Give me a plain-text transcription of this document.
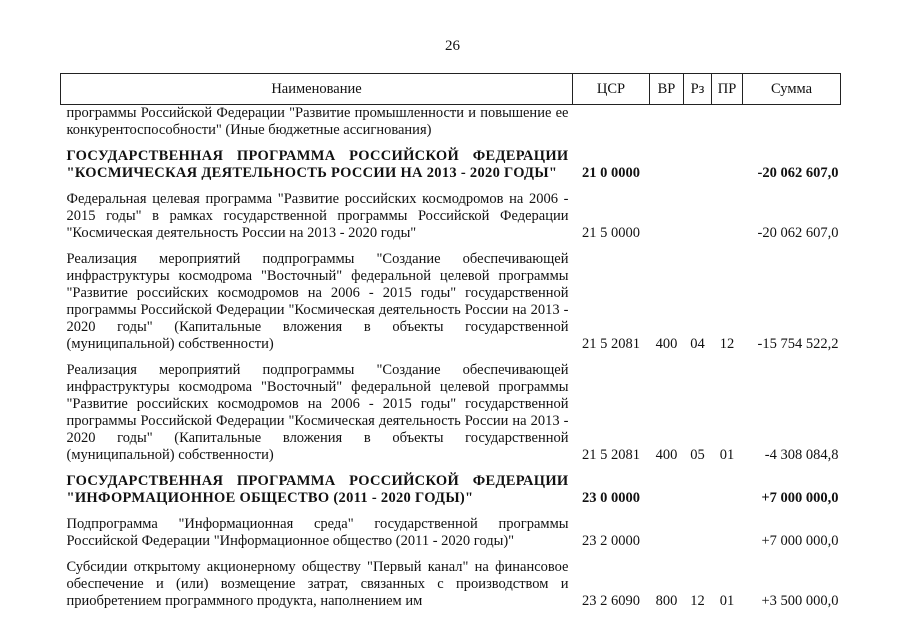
26
Наименование	ЦСР	ВР	Рз	ПР	Сумма
программы Российской Федерации "Развитие промышленности и повышение ее конкурентоспособности" (Иные бюджетные ассигнования)					
ГОСУДАРСТВЕННАЯ ПРОГРАММА РОССИЙСКОЙ ФЕДЕРАЦИИ "КОСМИЧЕСКАЯ ДЕЯТЕЛЬНОСТЬ РОССИИ НА 2013 - 2020 ГОДЫ"	21 0 0000				-20 062 607,0
Федеральная целевая программа "Развитие российских космодромов на 2006 - 2015 годы" в рамках государственной программы Российской Федерации "Космическая деятельность России на 2013 - 2020 годы"	21 5 0000				-20 062 607,0
Реализация мероприятий подпрограммы "Создание обеспечивающей инфраструктуры космодрома "Восточный" федеральной целевой программы "Развитие российских космодромов на 2006 - 2015 годы" государственной программы Российской Федерации "Космическая деятельность России на 2013 - 2020 годы" (Капитальные вложения в объекты государственной (муниципальной) собственности)	21 5 2081	400	04	12	-15 754 522,2
Реализация мероприятий подпрограммы "Создание обеспечивающей инфраструктуры космодрома "Восточный" федеральной целевой программы "Развитие российских космодромов на 2006 - 2015 годы" государственной программы Российской Федерации "Космическая деятельность России на 2013 - 2020 годы" (Капитальные вложения в объекты государственной (муниципальной) собственности)	21 5 2081	400	05	01	-4 308 084,8
ГОСУДАРСТВЕННАЯ ПРОГРАММА РОССИЙСКОЙ ФЕДЕРАЦИИ "ИНФОРМАЦИОННОЕ ОБЩЕСТВО (2011 - 2020 ГОДЫ)"	23 0 0000				+7 000 000,0
Подпрограмма "Информационная среда" государственной программы Российской Федерации "Информационное общество (2011 - 2020 годы)"	23 2 0000				+7 000 000,0
Субсидии открытому акционерному обществу "Первый канал" на финансовое обеспечение и (или) возмещение затрат, связанных с производством и приобретением программного продукта, наполнением им	23 2 6090	800	12	01	+3 500 000,0
